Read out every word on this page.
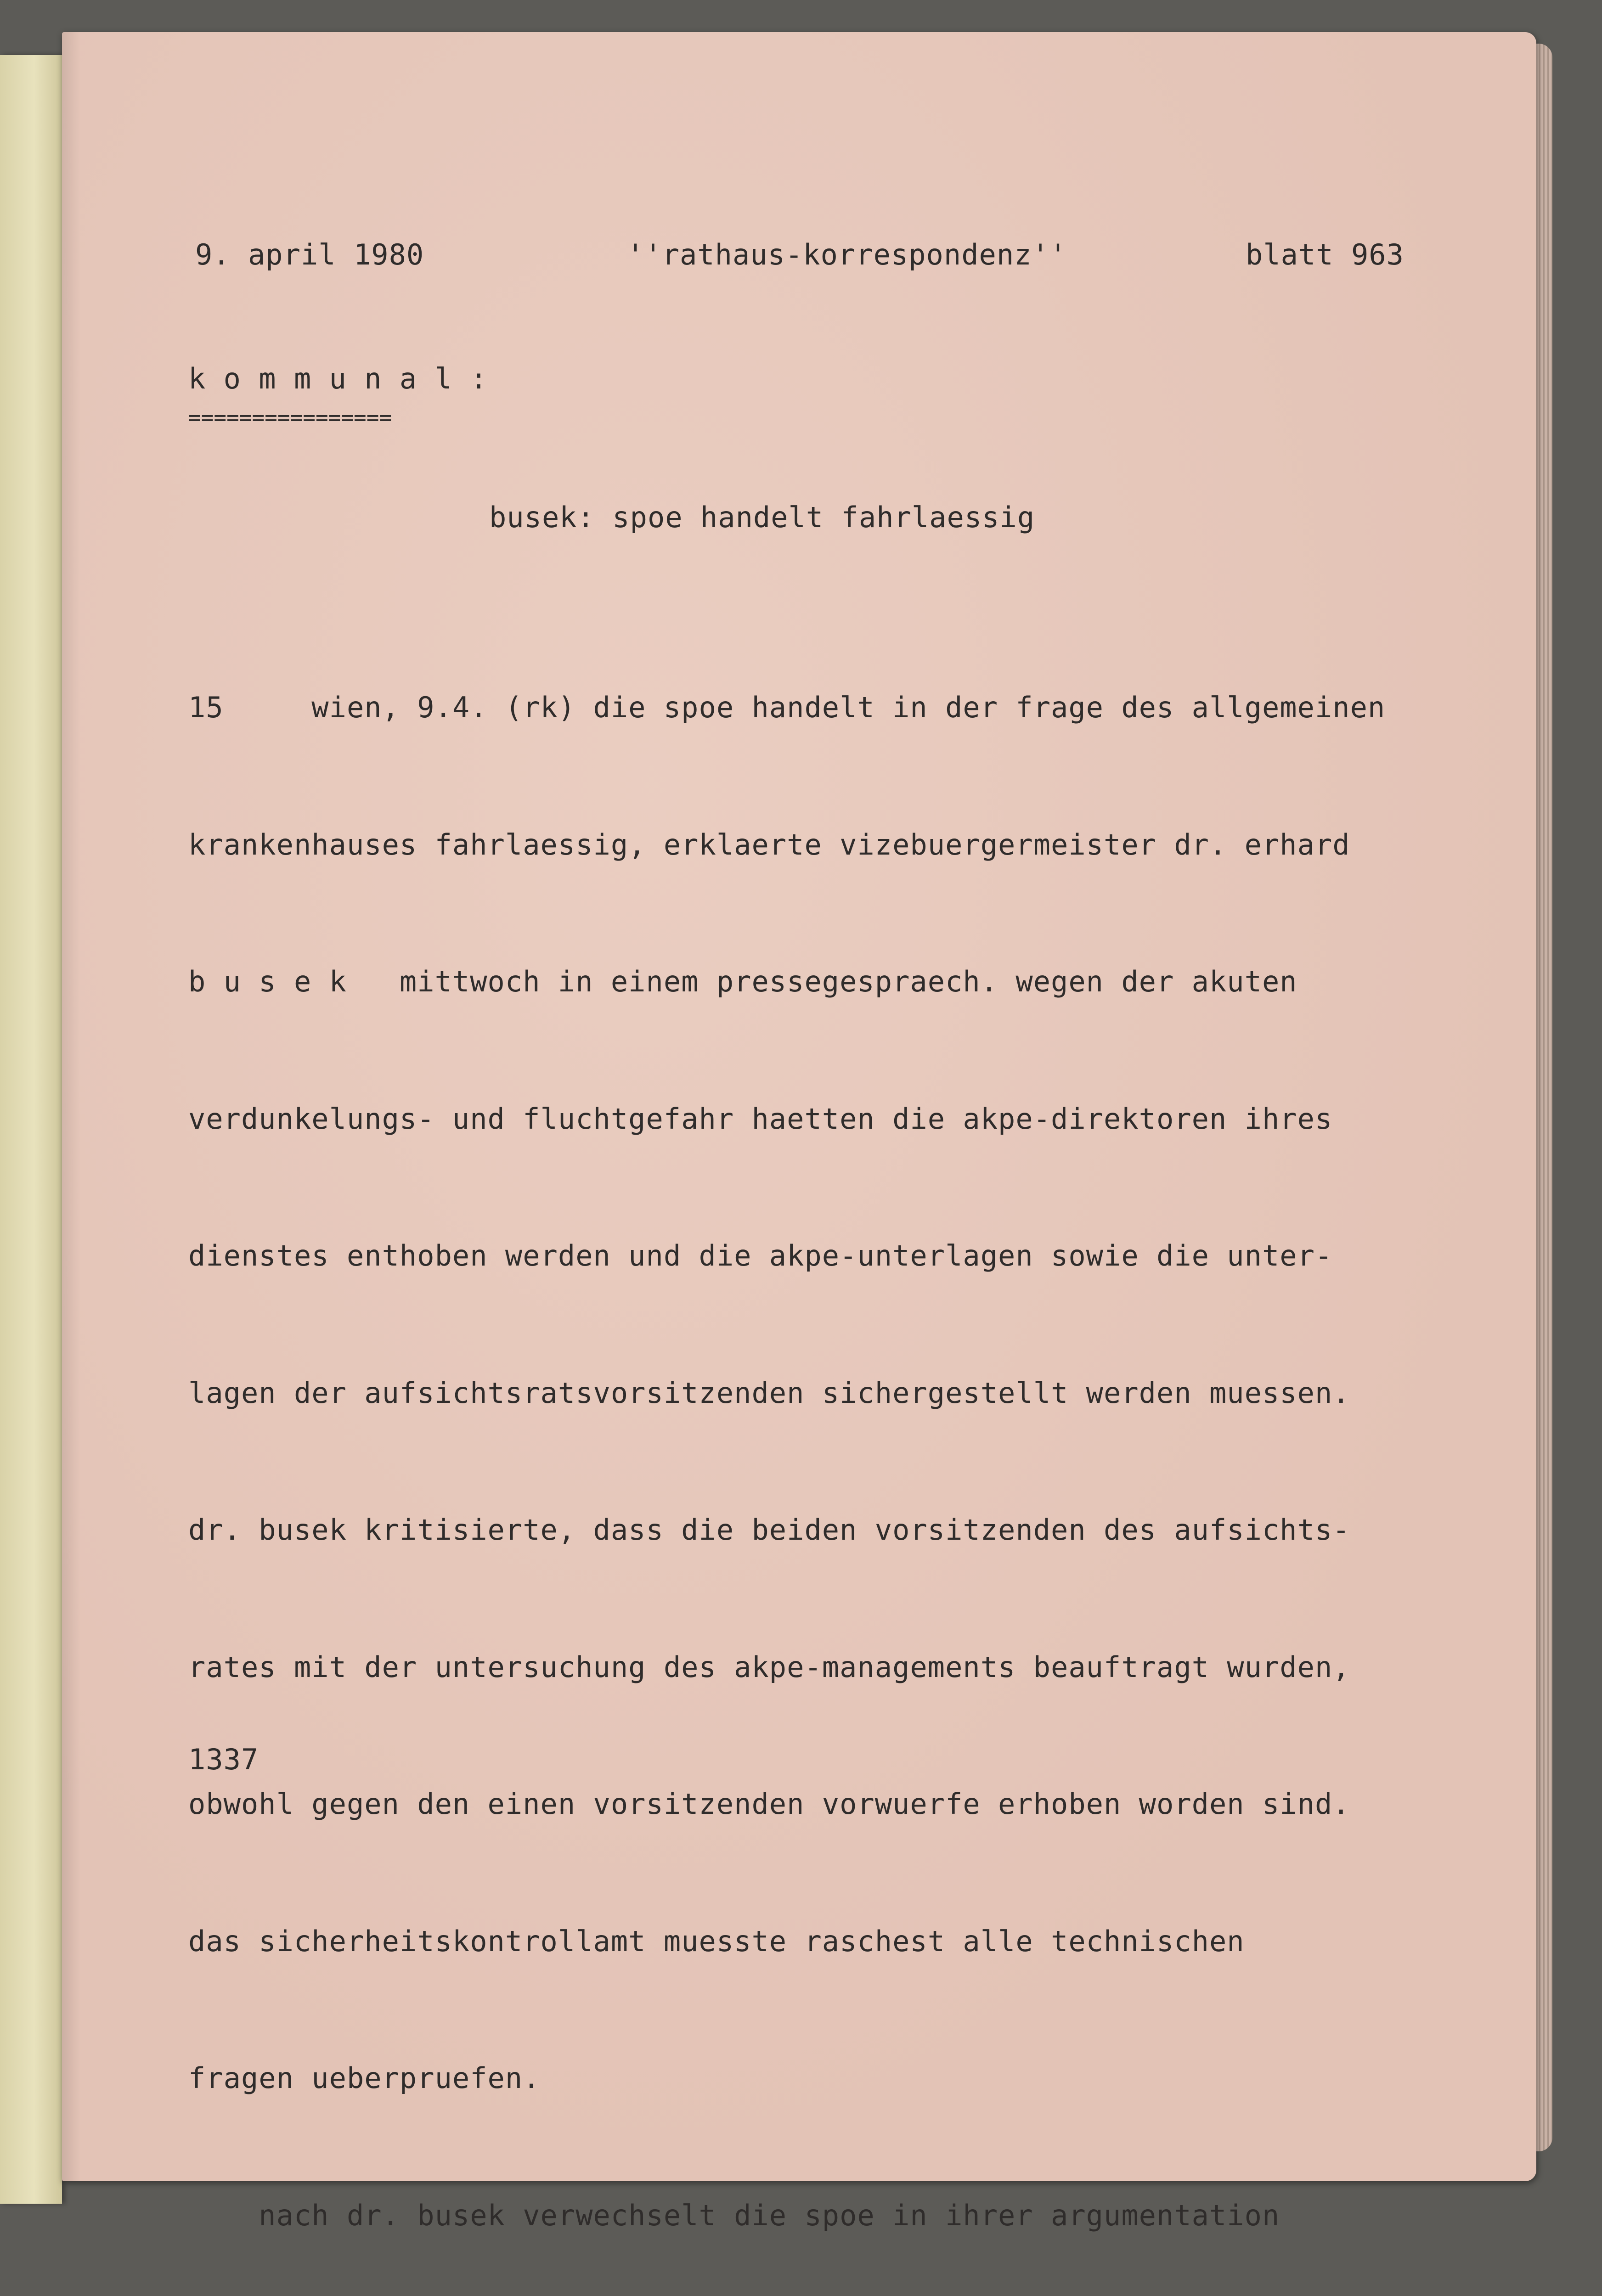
9. april 1980	''rathaus-korrespondenz''	blatt 963
k o m m u n a l :
================
busek: spoe handelt fahrlaessig

15     wien, 9.4. (rk) die spoe handelt in der frage des allgemeinen

krankenhauses fahrlaessig, erklaerte vizebuergermeister dr. erhard

b u s e k   mittwoch in einem pressegespraech. wegen der akuten

verdunkelungs- und fluchtgefahr haetten die akpe-direktoren ihres

dienstes enthoben werden und die akpe-unterlagen sowie die unter-

lagen der aufsichtsratsvorsitzenden sichergestellt werden muessen.

dr. busek kritisierte, dass die beiden vorsitzenden des aufsichts-

rates mit der untersuchung des akpe-managements beauftragt wurden,

obwohl gegen den einen vorsitzenden vorwuerfe erhoben worden sind.

das sicherheitskontrollamt muesste raschest alle technischen

fragen ueberpruefen.

nach dr. busek verwechselt die spoe in ihrer argumentation

1337
